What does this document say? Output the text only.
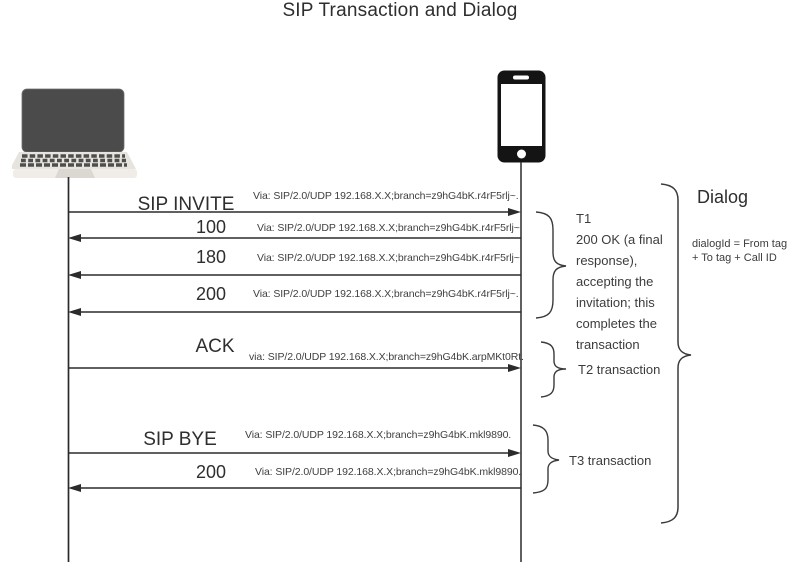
SIP Transaction and Dialog
SIP INVITE	Via: SIP/2.0/UDP 192.168.X.X;branch=z9hG4bK.r4rF5rlj~.
100	Via: SIP/2.0/UDP 192.168.X.X;branch=z9hG4bK.r4rF5rlj~.
180	Via: SIP/2.0/UDP 192.168.X.X;branch=z9hG4bK.r4rF5rlj~.
200	Via: SIP/2.0/UDP 192.168.X.X;branch=z9hG4bK.r4rF5rlj~.
ACK	via: SIP/2.0/UDP 192.168.X.X;branch=z9hG4bK.arpMKt0Rt.
SIP BYE	Via: SIP/2.0/UDP 192.168.X.X;branch=z9hG4bK.mkl9890.
200	Via: SIP/2.0/UDP 192.168.X.X;branch=z9hG4bK.mkl9890.
T1
200 OK (a final
response),
accepting the
invitation; this
completes the
transaction
T2 transaction
T3 transaction
Dialog
dialogId = From tag
+ To tag + Call ID
